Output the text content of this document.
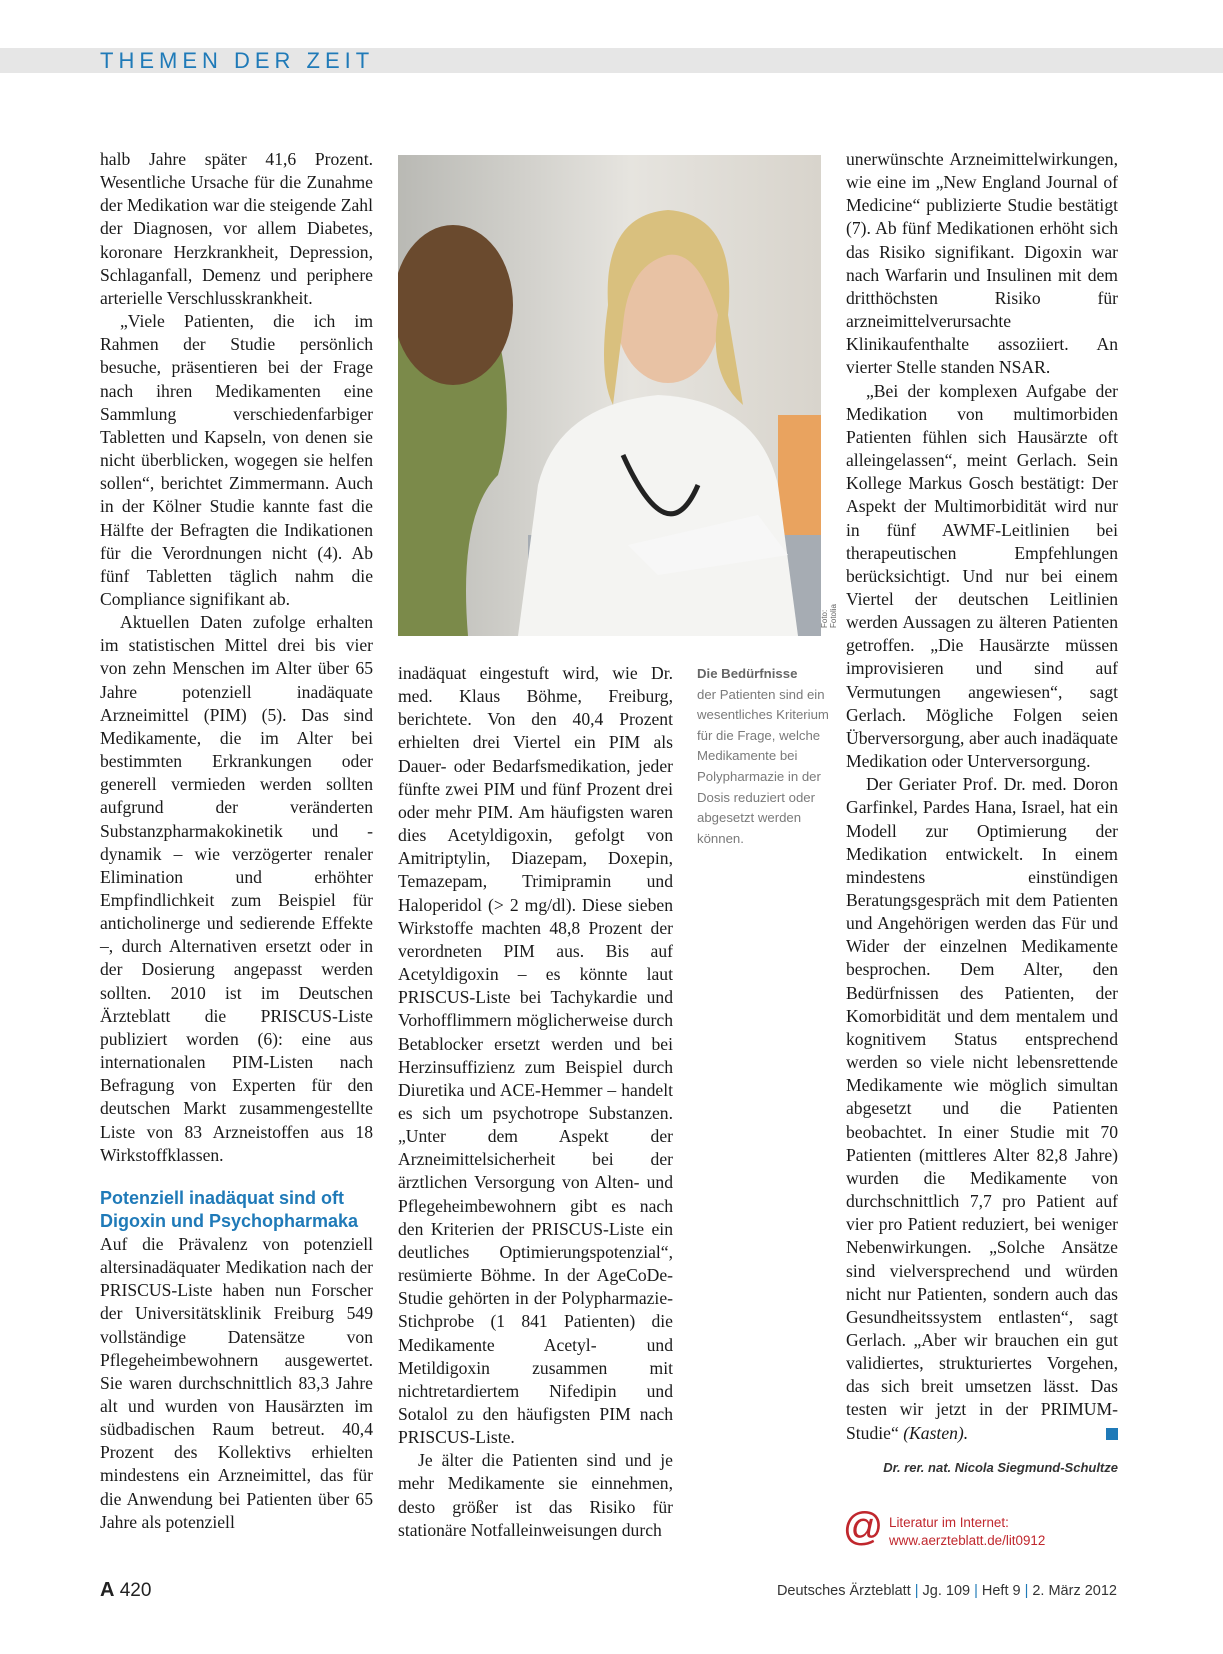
THEMEN DER ZEIT

halb Jahre später 41,6 Prozent. Wesentliche Ursache für die Zunahme der Medikation war die steigende Zahl der Diagnosen, vor allem Diabetes, koronare Herzkrankheit, Depression, Schlaganfall, Demenz und periphere arterielle Verschlusskrankheit.

„Viele Patienten, die ich im Rahmen der Studie persönlich besuche, präsentieren bei der Frage nach ihren Medikamenten eine Sammlung verschiedenfarbiger Tabletten und Kapseln, von denen sie nicht überblicken, wogegen sie helfen sollen“, berichtet Zimmermann. Auch in der Kölner Studie kannte fast die Hälfte der Befragten die Indikationen für die Verordnungen nicht (4). Ab fünf Tabletten täglich nahm die Compliance signifikant ab.

Aktuellen Daten zufolge erhalten im statistischen Mittel drei bis vier von zehn Menschen im Alter über 65 Jahre potenziell inadäquate Arzneimittel (PIM) (5). Das sind Medikamente, die im Alter bei bestimmten Erkrankungen oder generell vermieden werden sollten aufgrund der veränderten Substanzpharmakokinetik und -dynamik – wie verzögerter renaler Elimination und erhöhter Empfindlichkeit zum Beispiel für anticholinerge und sedierende Effekte –, durch Alternativen ersetzt oder in der Dosierung angepasst werden sollten. 2010 ist im Deutschen Ärzteblatt die PRISCUS-Liste publiziert worden (6): eine aus internationalen PIM-Listen nach Befragung von Experten für den deutschen Markt zusammengestellte Liste von 83 Arzneistoffen aus 18 Wirkstoffklassen.

Potenziell inadäquat sind oft
Digoxin und Psychopharmaka

Auf die Prävalenz von potenziell altersinadäquater Medikation nach der PRISCUS-Liste haben nun Forscher der Universitätsklinik Freiburg 549 vollständige Datensätze von Pflegeheimbewohnern ausgewertet. Sie waren durchschnittlich 83,3 Jahre alt und wurden von Hausärzten im südbadischen Raum betreut. 40,4 Prozent des Kollektivs erhielten mindestens ein Arzneimittel, das für die Anwendung bei Patienten über 65 Jahre als potenziell

Foto: Fotolia
Die Bedürfnisse
der Patienten sind ein wesentliches Kriterium für die Frage, welche Medikamente bei Polypharmazie in der Dosis reduziert oder abgesetzt werden können.

inadäquat eingestuft wird, wie Dr. med. Klaus Böhme, Freiburg, berichtete. Von den 40,4 Prozent erhielten drei Viertel ein PIM als Dauer- oder Bedarfsmedikation, jeder fünfte zwei PIM und fünf Prozent drei oder mehr PIM. Am häufigsten waren dies Acetyldigoxin, gefolgt von Amitriptylin, Diazepam, Doxepin, Temazepam, Trimipramin und Haloperidol (> 2 mg/dl). Diese sieben Wirkstoffe machten 48,8 Prozent der verordneten PIM aus. Bis auf Acetyldigoxin – es könnte laut PRISCUS-Liste bei Tachykardie und Vorhofflimmern möglicherweise durch Betablocker ersetzt werden und bei Herzinsuffizienz zum Beispiel durch Diuretika und ACE-Hemmer – handelt es sich um psychotrope Substanzen. „Unter dem Aspekt der Arzneimittelsicherheit bei der ärztlichen Versorgung von Alten- und Pflegeheimbewohnern gibt es nach den Kriterien der PRISCUS-Liste ein deutliches Optimierungspotenzial“, resümierte Böhme. In der AgeCoDe-Studie gehörten in der Polypharmazie-Stichprobe (1 841 Patienten) die Medikamente Acetyl- und Metildigoxin zusammen mit nichtretardiertem Nifedipin und Sotalol zu den häufigsten PIM nach PRISCUS-Liste.

Je älter die Patienten sind und je mehr Medikamente sie einnehmen, desto größer ist das Risiko für stationäre Notfalleinweisungen durch

unerwünschte Arzneimittelwirkungen, wie eine im „New England Journal of Medicine“ publizierte Studie bestätigt (7). Ab fünf Medikationen erhöht sich das Risiko signifikant. Digoxin war nach Warfarin und Insulinen mit dem dritthöchsten Risiko für arzneimittelverursachte Klinikaufenthalte assoziiert. An vierter Stelle standen NSAR.

„Bei der komplexen Aufgabe der Medikation von multimorbiden Patienten fühlen sich Hausärzte oft alleingelassen“, meint Gerlach. Sein Kollege Markus Gosch bestätigt: Der Aspekt der Multimorbidität wird nur in fünf AWMF-Leitlinien bei therapeutischen Empfehlungen berücksichtigt. Und nur bei einem Viertel der deutschen Leitlinien werden Aussagen zu älteren Patienten getroffen. „Die Hausärzte müssen improvisieren und sind auf Vermutungen angewiesen“, sagt Gerlach. Mögliche Folgen seien Überversorgung, aber auch inadäquate Medikation oder Unterversorgung.

Der Geriater Prof. Dr. med. Doron Garfinkel, Pardes Hana, Israel, hat ein Modell zur Optimierung der Medikation entwickelt. In einem mindestens einstündigen Beratungsgespräch mit dem Patienten und Angehörigen werden das Für und Wider der einzelnen Medikamente besprochen. Dem Alter, den Bedürfnissen des Patienten, der Komorbidität und dem mentalem und kognitivem Status entsprechend werden so viele nicht lebensrettende Medikamente wie möglich simultan abgesetzt und die Patienten beobachtet. In einer Studie mit 70 Patienten (mittleres Alter 82,8 Jahre) wurden die Medikamente von durchschnittlich 7,7 pro Patient auf vier pro Patient reduziert, bei weniger Nebenwirkungen. „Solche Ansätze sind vielversprechend und würden nicht nur Patienten, sondern auch das Gesundheitssystem entlasten“, sagt Gerlach. „Aber wir brauchen ein gut validiertes, strukturiertes Vorgehen, das sich breit umsetzen lässt. Das testen wir jetzt in der PRIMUM-Studie“ (Kasten).

Dr. rer. nat. Nicola Siegmund-Schultze
@ Literatur im Internet:
www.aerzteblatt.de/lit0912
A 420	Deutsches Ärzteblatt | Jg. 109 | Heft 9 | 2. März 2012
